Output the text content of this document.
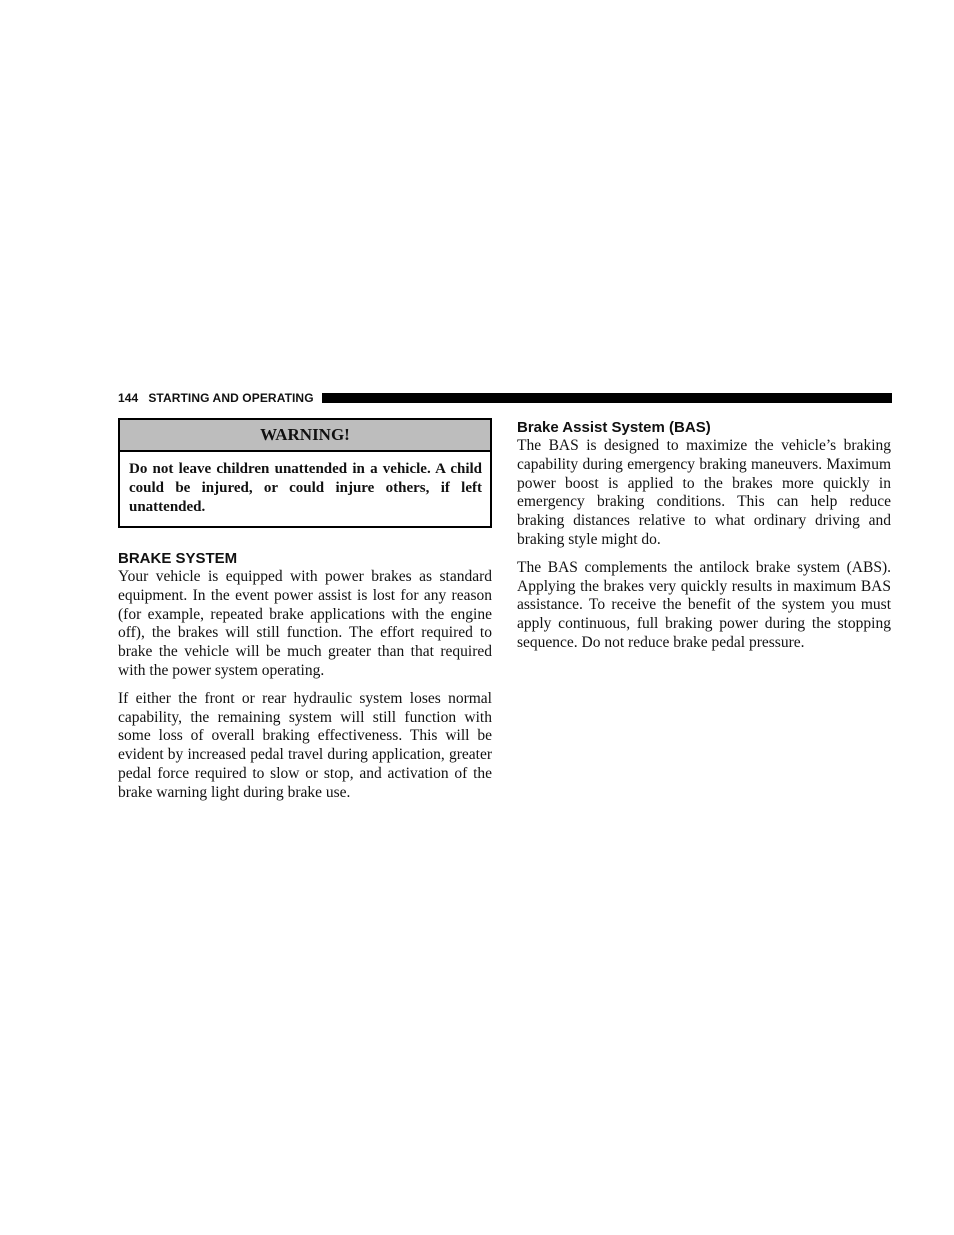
144 STARTING AND OPERATING
WARNING!
Do not leave children unattended in a vehicle. A child could be injured, or could injure others, if left unattended.
BRAKE SYSTEM

Your vehicle is equipped with power brakes as standard equipment. In the event power assist is lost for any reason (for example, repeated brake applications with the engine off), the brakes will still function. The effort required to brake the vehicle will be much greater than that required with the power system operating.

If either the front or rear hydraulic system loses normal capability, the remaining system will still function with some loss of overall braking effectiveness. This will be evident by increased pedal travel during application, greater pedal force required to slow or stop, and activation of the brake warning light during brake use.

Brake Assist System (BAS)

The BAS is designed to maximize the vehicle’s braking capability during emergency braking maneuvers. Maximum power boost is applied to the brakes more quickly in emergency braking conditions. This can help reduce braking distances relative to what ordinary driving and braking style might do.

The BAS complements the antilock brake system (ABS). Applying the brakes very quickly results in maximum BAS assistance. To receive the benefit of the system you must apply continuous, full braking power during the stopping sequence. Do not reduce brake pedal pressure.
